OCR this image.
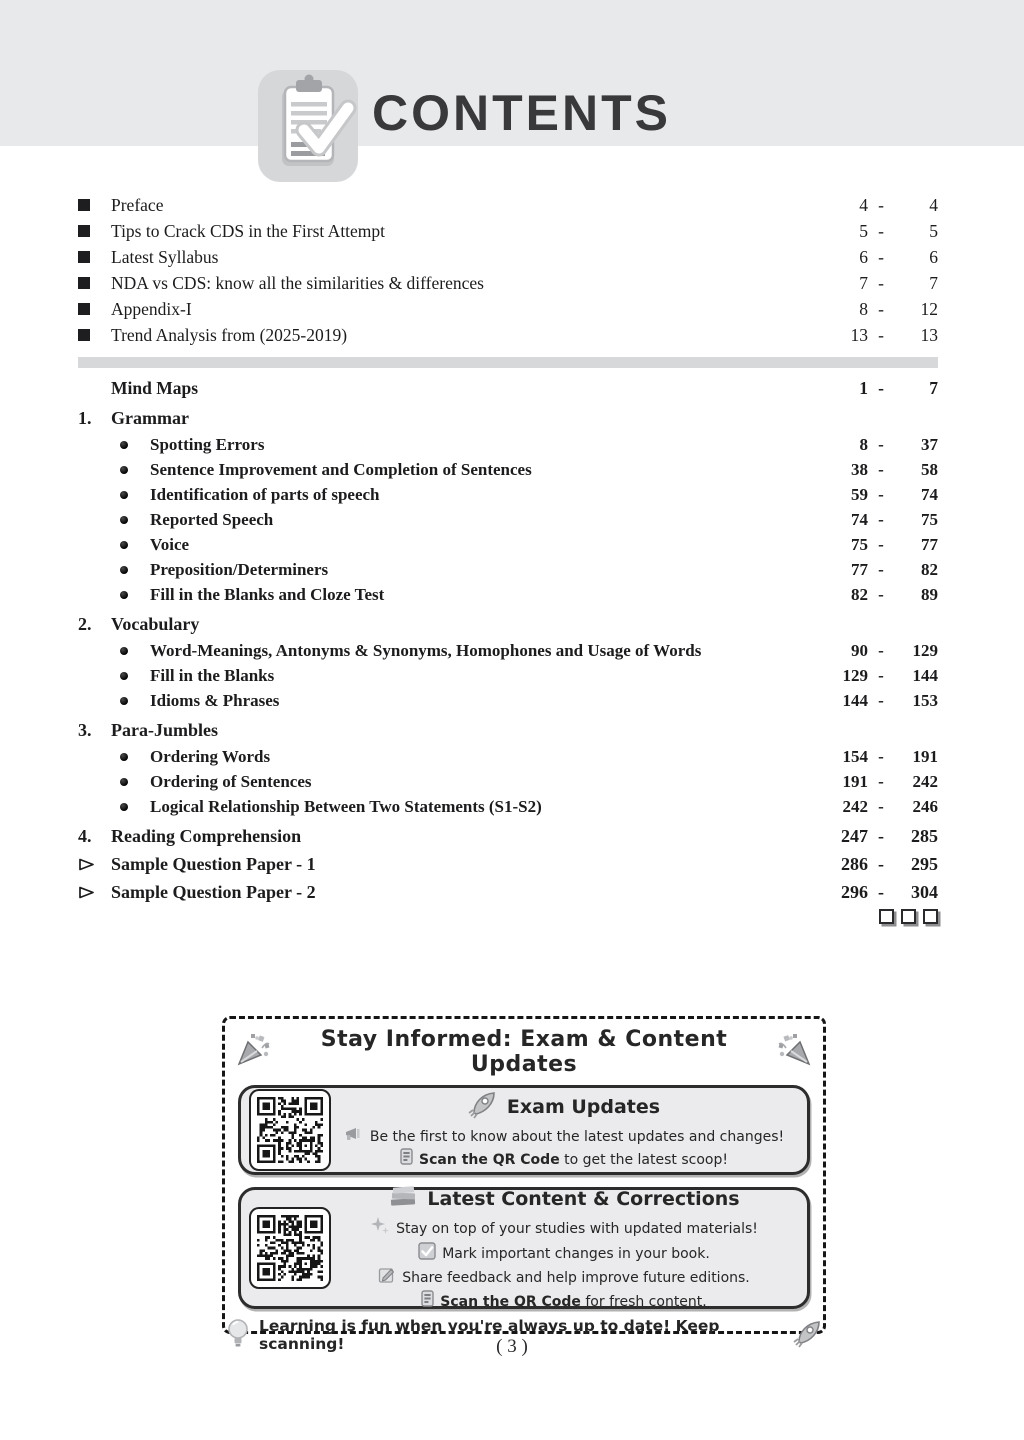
CONTENTS
Preface	4 -	4
Tips to Crack CDS in the First Attempt	5 -	5
Latest Syllabus	6 -	6
NDA vs CDS: know all the similarities & differences	7 -	7
Appendix-I	8 -	12
Trend Analysis from (2025-2019)	13 -	13
Mind Maps	1 -	7
1. Grammar
Spotting Errors	8 -	37
Sentence Improvement and Completion of Sentences	38 -	58
Identification of parts of speech	59 -	74
Reported Speech	74 -	75
Voice	75 -	77
Preposition/Determiners	77 -	82
Fill in the Blanks and Cloze Test	82 -	89
2. Vocabulary
Word-Meanings, Antonyms & Synonyms, Homophones and Usage of Words	90 -	129
Fill in the Blanks	129 -	144
Idioms & Phrases	144 -	153
3. Para-Jumbles
Ordering Words	154 -	191
Ordering of Sentences	191 -	242
Logical Relationship Between Two Statements (S1-S2)	242 -	246
4. Reading Comprehension	247 -	285
Sample Question Paper - 1	286 -	295
Sample Question Paper - 2	296 -	304
Stay Informed: Exam & Content Updates
Exam Updates
Be the first to know about the latest updates and changes!
Scan the QR Code to get the latest scoop!
Latest Content & Corrections
Stay on top of your studies with updated materials!
Mark important changes in your book.
Share feedback and help improve future editions.
Scan the QR Code for fresh content.
Learning is fun when you're always up to date! Keep scanning!	( 3 )
